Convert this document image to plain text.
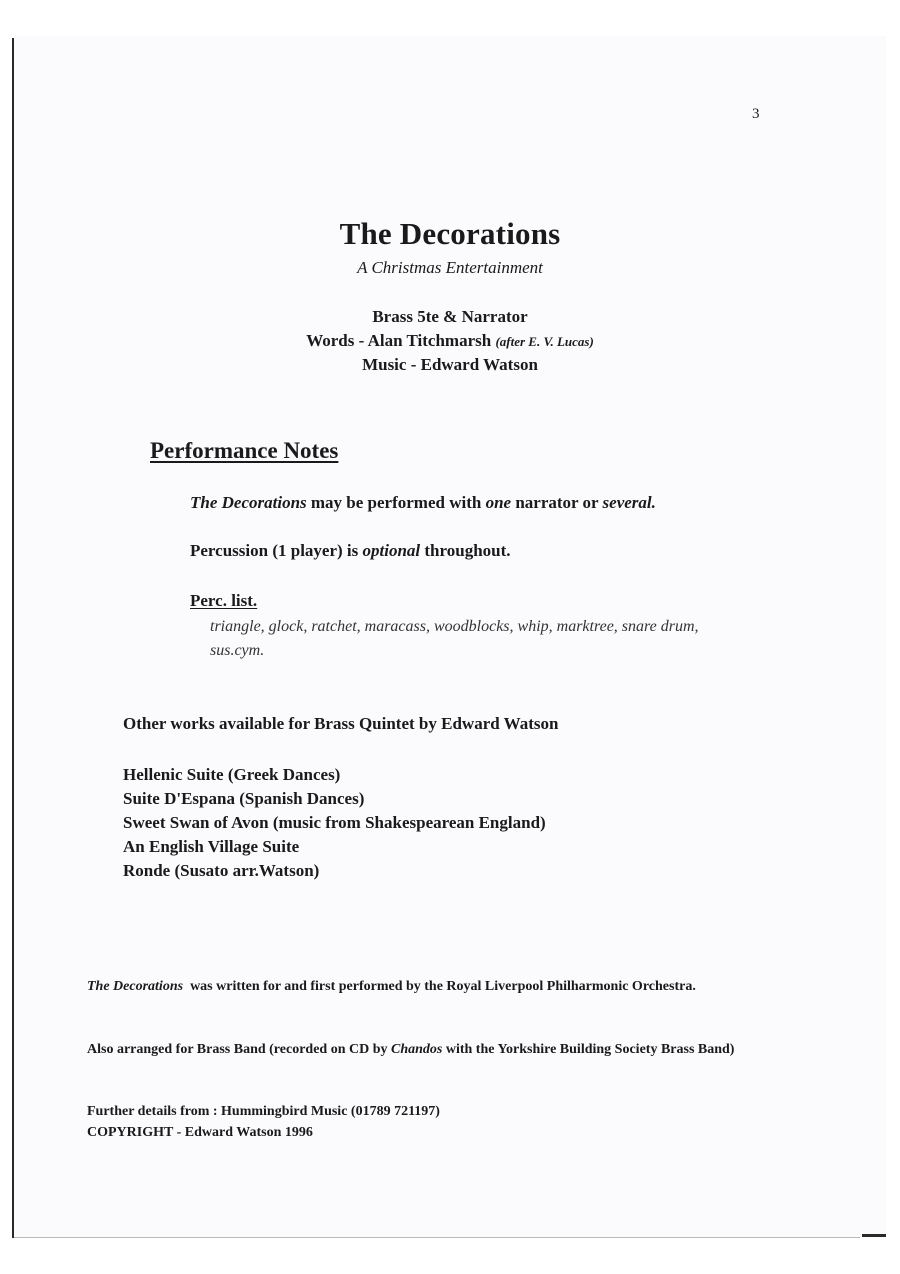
3
The Decorations
A Christmas Entertainment
Brass 5te & Narrator
Words - Alan Titchmarsh (after E. V. Lucas)
Music - Edward Watson
Performance Notes
The Decorations may be performed with one narrator or several.
Percussion (1 player) is optional throughout.
Perc. list.
triangle, glock, ratchet, maracass, woodblocks, whip, marktree, snare drum, sus.cym.
Other works available for Brass Quintet by Edward Watson
Hellenic Suite (Greek Dances)
Suite D'Espana (Spanish Dances)
Sweet Swan of Avon (music from Shakespearean England)
An English Village Suite
Ronde (Susato arr.Watson)
The Decorations  was written for and first performed by the Royal Liverpool Philharmonic Orchestra.
Also arranged for Brass Band (recorded on CD by Chandos with the Yorkshire Building Society Brass Band)
Further details from : Hummingbird Music (01789 721197)
COPYRIGHT - Edward Watson 1996
